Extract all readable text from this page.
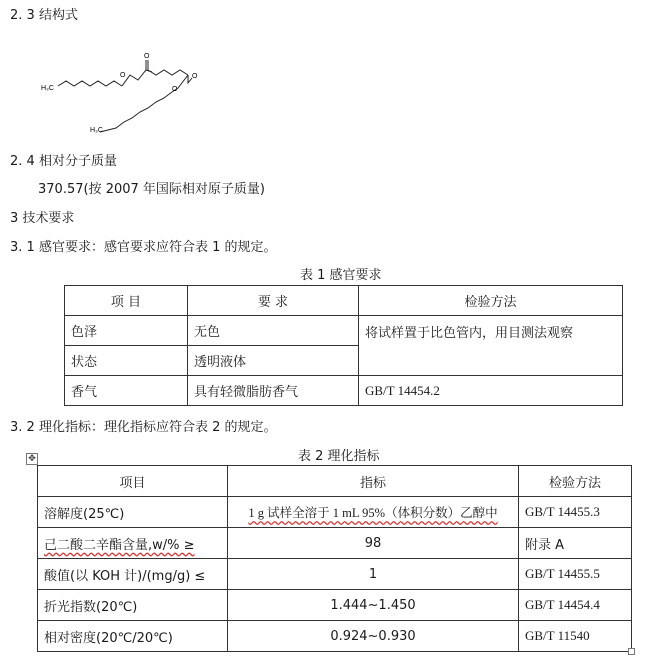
2. 3 结构式
H₃C
O
O
O
O
H₃C
2. 4 相对分子质量
370.57(按 2007 年国际相对原子质量)
3 技术要求
3. 1 感官要求：感官要求应符合表 1 的规定。
表 1 感官要求
项 目	要 求	检验方法
色泽	无色	将试样置于比色管内，用目测法观察
状态	透明液体	
香气	具有轻微脂肪香气	GB/T 14454.2
3. 2 理化指标：理化指标应符合表 2 的规定。
✥	表 2 理化指标
项目	指标	检验方法
溶解度(25℃)	1 g 试样全溶于 1 mL 95%（体积分数）乙醇中	GB/T 14455.3
己二酸二辛酯含量,w/% ≥	98	附录 A
酸值(以 KOH 计)/(mg/g) ≤	1	GB/T 14455.5
折光指数(20℃)	1.444~1.450	GB/T 14454.4
相对密度(20℃/20℃)	0.924~0.930	GB/T 11540
